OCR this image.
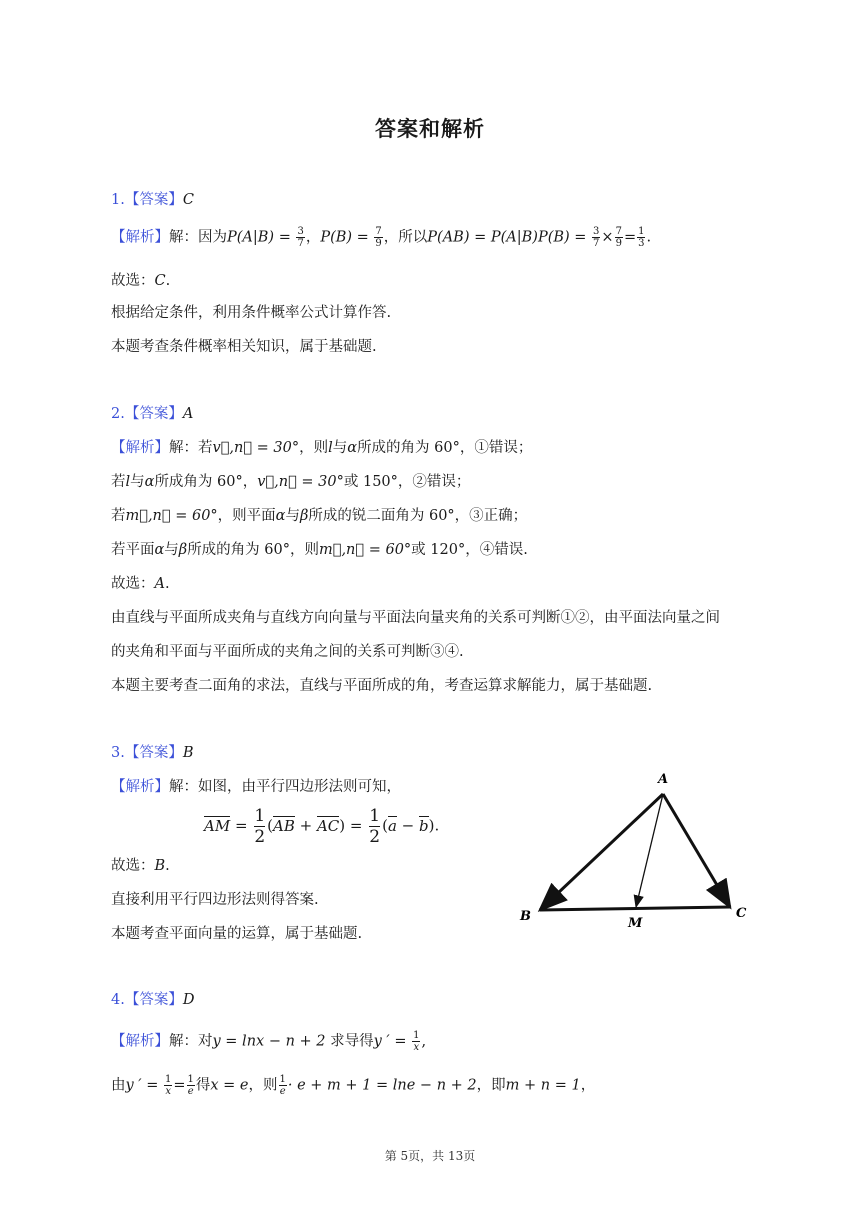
答案和解析
1.【答案】C
【解析】解：因为$P(A|B) = \frac{3}{7}$ ，$P(B) = \frac{7}{9}$ ，所以$P(AB) = P(A|B)P(B) = \frac{3}{7} \times \frac{7}{9} = \frac{1}{3}$ .
故选：C.
根据给定条件，利用条件概率公式计算作答.
本题考查条件概率相关知识，属于基础题.
2.【答案】A
【解析】解：若v⃗,n⃗ = 30°，则l与α所成的角为 60°，①错误；
若l与α所成角为 60°，v⃗,n⃗ = 30°或 150°，②错误；
若m⃗,n⃗ = 60°，则平面α与β所成的锐二面角为 60°，③正确；
若平面α与β所成的角为 60°，则m⃗,n⃗ = 60°或 120°，④错误.
故选：A.
由直线与平面所成夹角与直线方向向量与平面法向量夹角的关系可判断①②，由平面法向量之间
的夹角和平面与平面所成的夹角之间的关系可判断③④.
本题主要考查二面角的求法，直线与平面所成的角，考查运算求解能力，属于基础题.
3.【答案】B
【解析】解：如图，由平行四边形法则可知，
AM = $\frac{1}{2} (AB + AC) = \frac{1}{2} (a - b)$.
故选：B.
直接利用平行四边形法则得答案.
本题考查平面向量的运算，属于基础题.
A
B	C
M
4.【答案】D
【解析】解：对y = lnx − n + 2 求导得y ′ = $\frac{1}{x}$ ,
由y ′ = $\frac{1}{x} = \frac{1}{e}$ 得x = e，则 $\frac{1}{e} \cdot e + m + 1 = \ln e - n + 2$，即m + n = 1，
第 5页，共 13页
